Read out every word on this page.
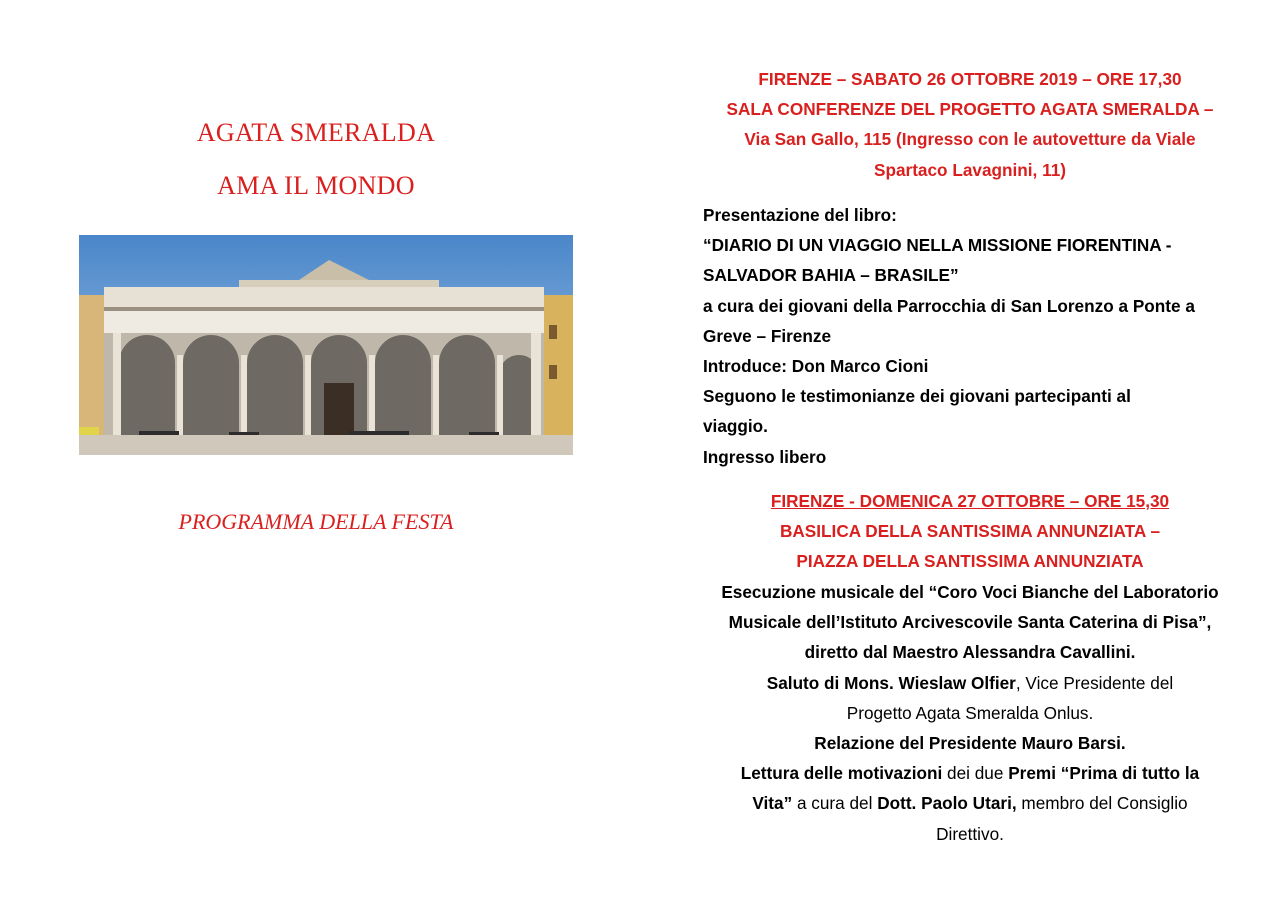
AGATA SMERALDA
AMA IL MONDO
PROGRAMMA DELLA FESTA
FIRENZE – SABATO 26 OTTOBRE 2019 – ORE 17,30
SALA CONFERENZE DEL PROGETTO AGATA SMERALDA –
Via San Gallo, 115 (Ingresso con le autovetture da Viale
Spartaco Lavagnini, 11)
Presentazione del libro:
“DIARIO DI UN VIAGGIO NELLA MISSIONE FIORENTINA -
SALVADOR BAHIA – BRASILE”
a cura dei giovani della Parrocchia di San Lorenzo a Ponte a
Greve – Firenze
Introduce: Don Marco Cioni
Seguono le testimonianze dei giovani partecipanti al
viaggio.
Ingresso libero
FIRENZE - DOMENICA 27 OTTOBRE – ORE 15,30
BASILICA DELLA SANTISSIMA ANNUNZIATA –
PIAZZA DELLA SANTISSIMA ANNUNZIATA
Esecuzione musicale del “Coro Voci Bianche del Laboratorio
Musicale dell’Istituto Arcivescovile Santa Caterina di Pisa”,
diretto dal Maestro Alessandra Cavallini.
Saluto di Mons. Wieslaw Olfier, Vice Presidente del
Progetto Agata Smeralda Onlus.
Relazione del Presidente Mauro Barsi.
Lettura delle motivazioni dei due Premi “Prima di tutto la
Vita” a cura del Dott. Paolo Utari, membro del Consiglio
Direttivo.
